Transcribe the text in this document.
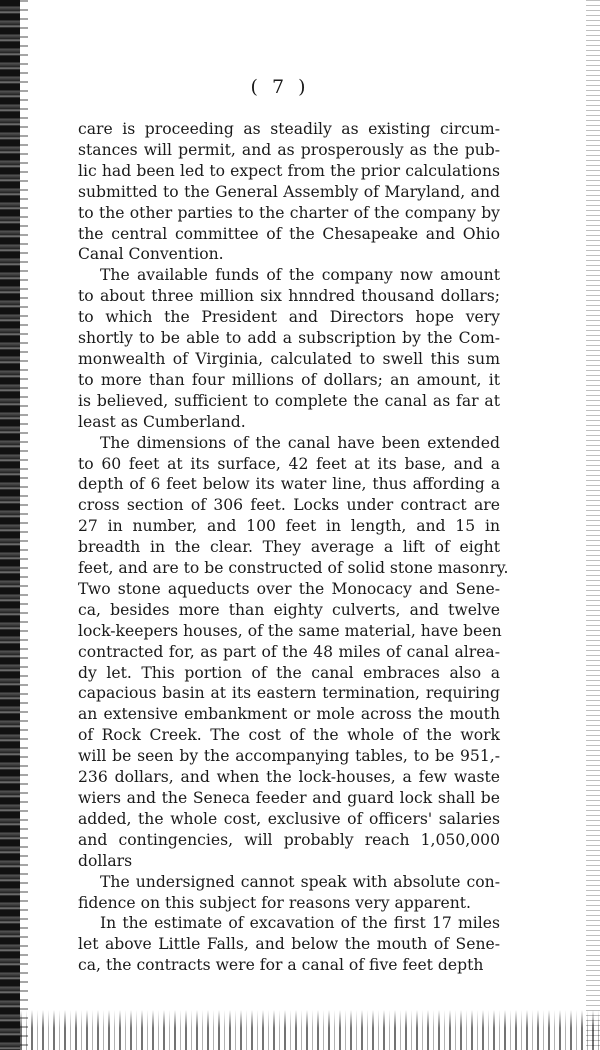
( 7 )
care is proceeding as steadily as existing circum-
stances will permit, and as prosperously as the pub-
lic had been led to expect from the prior calculations
submitted to the General Assembly of Maryland, and
to the other parties to the charter of the company by
the central committee of the Chesapeake and Ohio
Canal Convention.
The available funds of the company now amount
to about three million six hnndred thousand dollars;
to which the President and Directors hope very
shortly to be able to add a subscription by the Com-
monwealth of Virginia, calculated to swell this sum
to more than four millions of dollars; an amount, it
is believed, sufficient to complete the canal as far at
least as Cumberland.
The dimensions of the canal have been extended
to 60 feet at its surface, 42 feet at its base, and a
depth of 6 feet below its water line, thus affording a
cross section of 306 feet. Locks under contract are
27 in number, and 100 feet in length, and 15 in
breadth in the clear. They average a lift of eight
feet, and are to be constructed of solid stone masonry.
Two stone aqueducts over the Monocacy and Sene-
ca, besides more than eighty culverts, and twelve
lock-keepers houses, of the same material, have been
contracted for, as part of the 48 miles of canal alrea-
dy let. This portion of the canal embraces also a
capacious basin at its eastern termination, requiring
an extensive embankment or mole across the mouth
of Rock Creek. The cost of the whole of the work
will be seen by the accompanying tables, to be 951,-
236 dollars, and when the lock-houses, a few waste
wiers and the Seneca feeder and guard lock shall be
added, the whole cost, exclusive of officers' salaries
and contingencies, will probably reach 1,050,000
dollars
The undersigned cannot speak with absolute con-
fidence on this subject for reasons very apparent.
In the estimate of excavation of the first 17 miles
let above Little Falls, and below the mouth of Sene-
ca, the contracts were for a canal of five feet depth
